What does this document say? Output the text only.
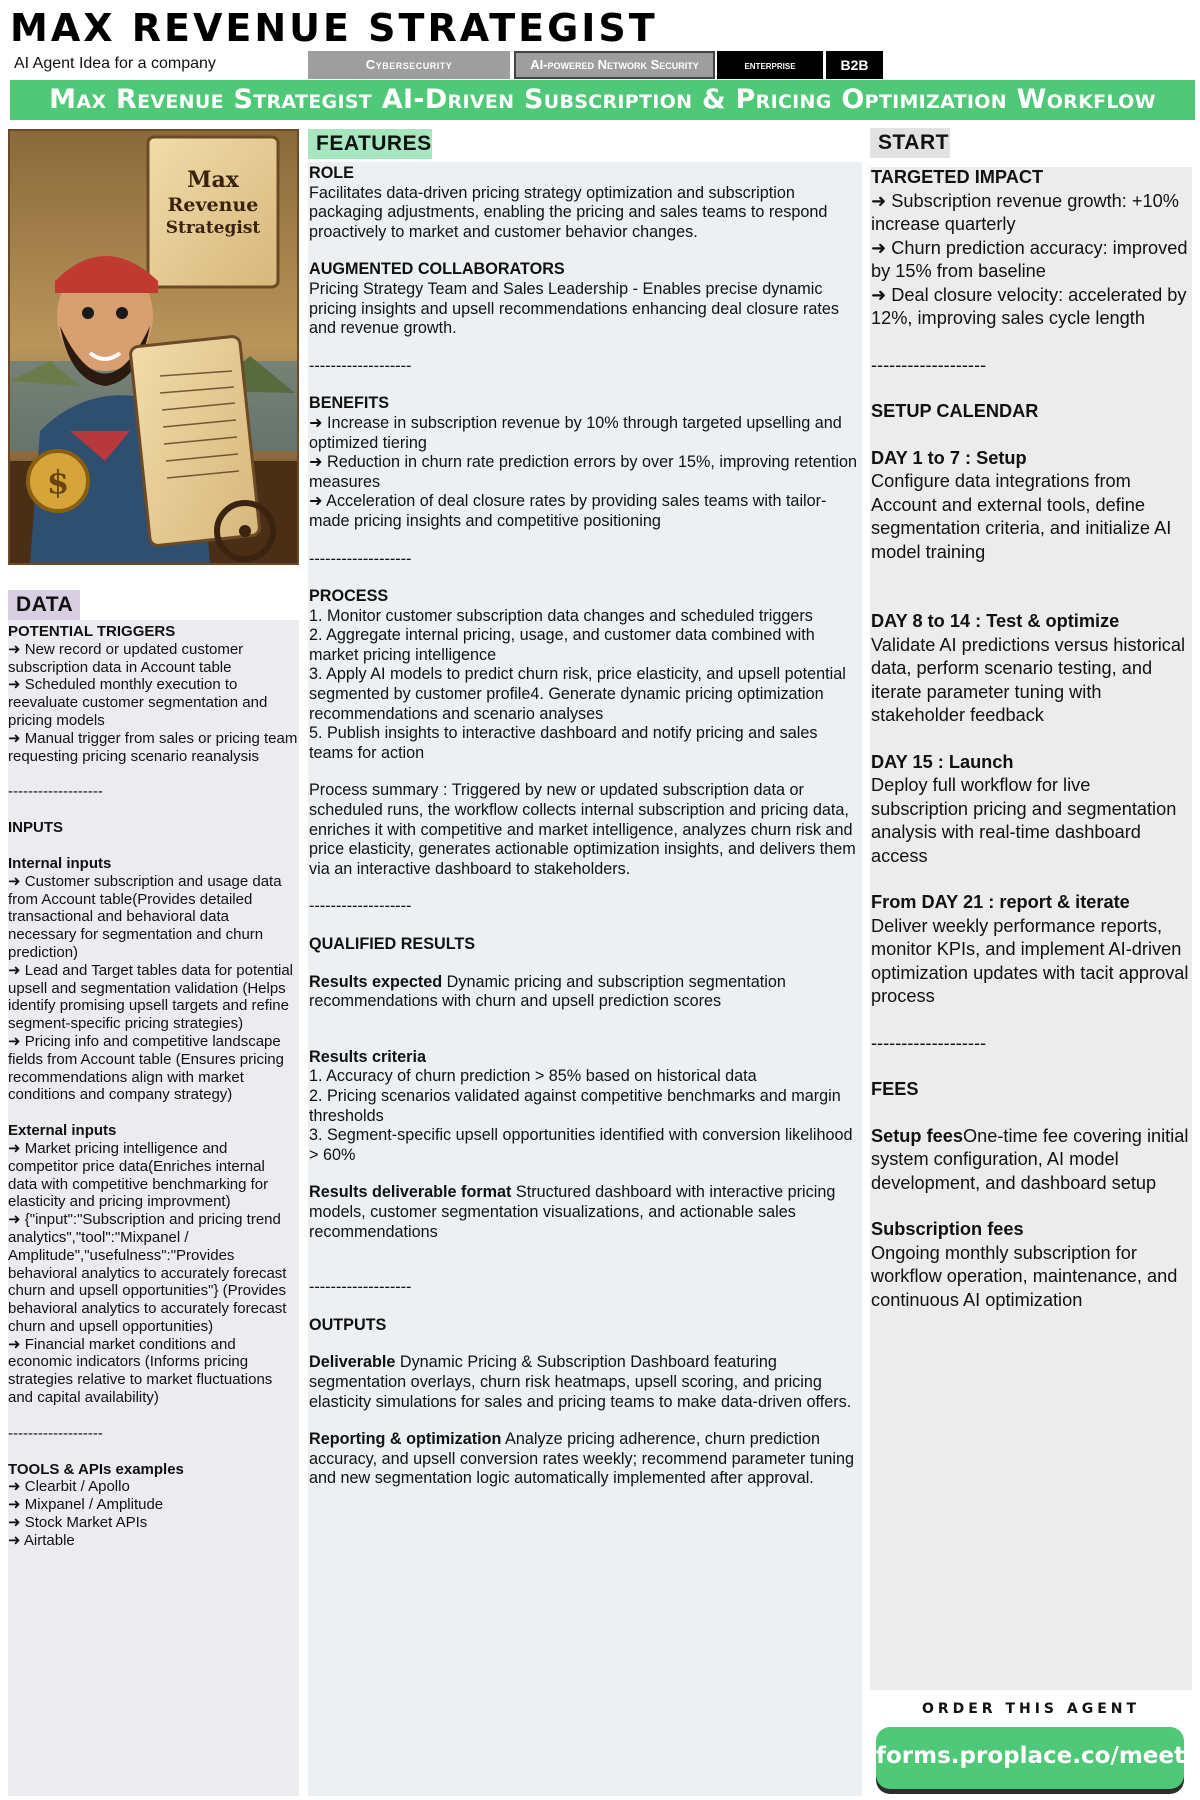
MAX REVENUE STRATEGIST
AI Agent Idea for a company	Cybersecurity	AI-powered Network Security	enterprise	B2B
Max Revenue Strategist AI-Driven Subscription & Pricing Optimization Workflow
Max
Revenue
Strategist
$
DATA
FEATURES	START
POTENTIAL TRIGGERS
➜ New record or updated customer subscription data in Account table
➜ Scheduled monthly execution to reevaluate customer segmentation and pricing models
➜ Manual trigger from sales or pricing team requesting pricing scenario reanalysis
-------------------
INPUTS
Internal inputs
➜ Customer subscription and usage data from Account table(Provides detailed transactional and behavioral data necessary for segmentation and churn prediction)
➜ Lead and Target tables data for potential upsell and segmentation validation (Helps identify promising upsell targets and refine segment-specific pricing strategies)
➜ Pricing info and competitive landscape fields from Account table (Ensures pricing recommendations align with market conditions and company strategy)
External inputs
➜ Market pricing intelligence and competitor price data(Enriches internal data with competitive benchmarking for elasticity and pricing improvment)
➜ {"input":"Subscription and pricing trend analytics","tool":"Mixpanel / Amplitude","usefulness":"Provides behavioral analytics to accurately forecast churn and upsell opportunities"} (Provides behavioral analytics to accurately forecast churn and upsell opportunities)
➜ Financial market conditions and economic indicators (Informs pricing strategies relative to market fluctuations and capital availability)
-------------------
TOOLS & APIs examples
➜ Clearbit / Apollo
➜ Mixpanel / Amplitude
➜ Stock Market APIs
➜ Airtable
ROLE
Facilitates data-driven pricing strategy optimization and subscription packaging adjustments, enabling the pricing and sales teams to respond proactively to market and customer behavior changes.
AUGMENTED COLLABORATORS
Pricing Strategy Team and Sales Leadership - Enables precise dynamic pricing insights and upsell recommendations enhancing deal closure rates and revenue growth.
-------------------
BENEFITS
➜ Increase in subscription revenue by 10% through targeted upselling and optimized tiering
➜ Reduction in churn rate prediction errors by over 15%, improving retention measures
➜ Acceleration of deal closure rates by providing sales teams with tailor-made pricing insights and competitive positioning
-------------------
PROCESS
1. Monitor customer subscription data changes and scheduled triggers
2. Aggregate internal pricing, usage, and customer data combined with market pricing intelligence
3. Apply AI models to predict churn risk, price elasticity, and upsell potential segmented by customer profile4. Generate dynamic pricing optimization recommendations and scenario analyses
5. Publish insights to interactive dashboard and notify pricing and sales teams for action
Process summary : Triggered by new or updated subscription data or scheduled runs, the workflow collects internal subscription and pricing data, enriches it with competitive and market intelligence, analyzes churn risk and price elasticity, generates actionable optimization insights, and delivers them via an interactive dashboard to stakeholders.
-------------------
QUALIFIED RESULTS
Results expected Dynamic pricing and subscription segmentation recommendations with churn and upsell prediction scores
Results criteria
1. Accuracy of churn prediction > 85% based on historical data
2. Pricing scenarios validated against competitive benchmarks and margin thresholds
3. Segment-specific upsell opportunities identified with conversion likelihood > 60%
Results deliverable format Structured dashboard with interactive pricing models, customer segmentation visualizations, and actionable sales recommendations
-------------------
OUTPUTS
Deliverable Dynamic Pricing & Subscription Dashboard featuring segmentation overlays, churn risk heatmaps, upsell scoring, and pricing elasticity simulations for sales and pricing teams to make data-driven offers.
Reporting & optimization Analyze pricing adherence, churn prediction accuracy, and upsell conversion rates weekly; recommend parameter tuning and new segmentation logic automatically implemented after approval.
TARGETED IMPACT
➜ Subscription revenue growth: +10% increase quarterly
➜ Churn prediction accuracy: improved by 15% from baseline
➜ Deal closure velocity: accelerated by 12%, improving sales cycle length
-------------------
SETUP CALENDAR
DAY 1 to 7 : Setup
Configure data integrations from Account and external tools, define segmentation criteria, and initialize AI model training
DAY 8 to 14 : Test & optimize
Validate AI predictions versus historical data, perform scenario testing, and iterate parameter tuning with stakeholder feedback
DAY 15 : Launch
Deploy full workflow for live subscription pricing and segmentation analysis with real-time dashboard access
From DAY 21 : report & iterate
Deliver weekly performance reports, monitor KPIs, and implement AI-driven optimization updates with tacit approval process
-------------------
FEES
Setup feesOne-time fee covering initial system configuration, AI model development, and dashboard setup
Subscription fees
Ongoing monthly subscription for workflow operation, maintenance, and continuous AI optimization
ORDER THIS AGENT
forms.proplace.co/meet
